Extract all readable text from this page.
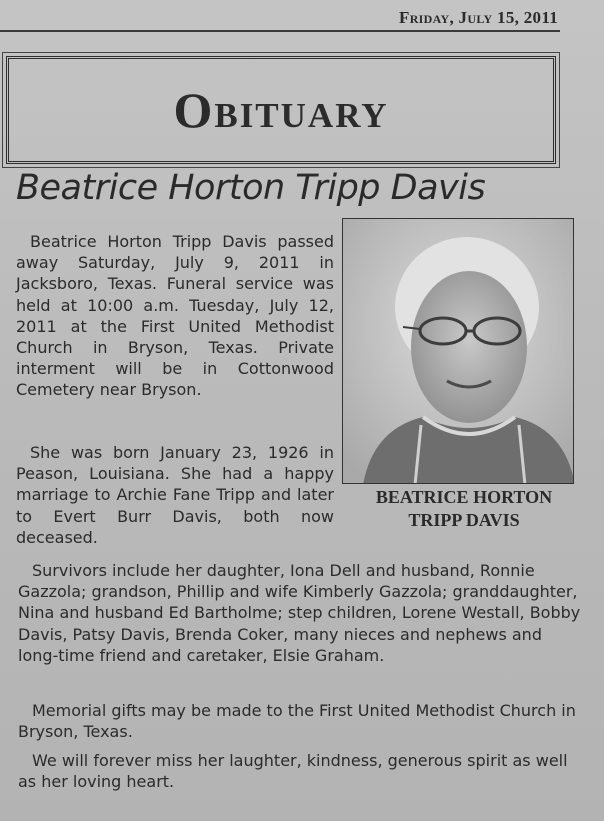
Friday, July 15, 2011
Obituary
Beatrice Horton Tripp Davis
BEATRICE HORTON
TRIPP DAVIS

Beatrice Horton Tripp Davis passed away Saturday, July 9, 2011 in Jacksboro, Texas. Funeral service was held at 10:00 a.m. Tuesday, July 12, 2011 at the First United Methodist Church in Bryson, Texas. Private interment will be in Cottonwood Cemetery near Bryson.

She was born January 23, 1926 in Peason, Louisiana. She had a happy marriage to Archie Fane Tripp and later to Evert Burr Davis, both now deceased.

Survivors include her daughter, Iona Dell and husband, Ronnie Gazzola; grandson, Phillip and wife Kimberly Gazzola; granddaughter, Nina and husband Ed Bartholme; step children, Lorene Westall, Bobby Davis, Patsy Davis, Brenda Coker, many nieces and nephews and long-time friend and caretaker, Elsie Graham.

Memorial gifts may be made to the First United Methodist Church in Bryson, Texas.

We will forever miss her laughter, kindness, generous spirit as well as her loving heart.
